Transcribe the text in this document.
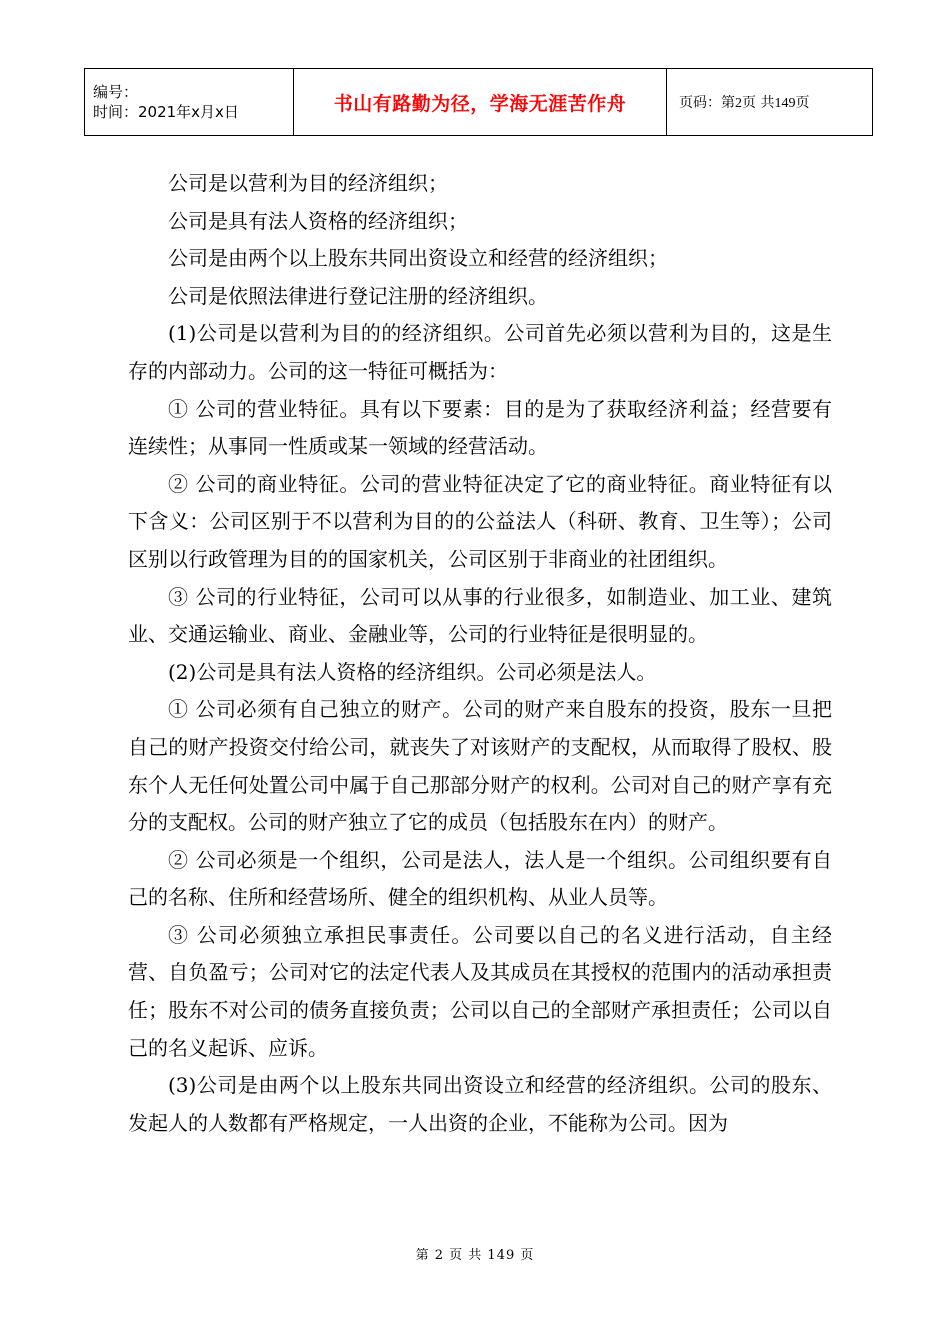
编号：
时间：2021年x月x日	书山有路勤为径，学海无涯苦作舟	页码：第2页 共149页

公司是以营利为目的经济组织；

公司是具有法人资格的经济组织；

公司是由两个以上股东共同出资设立和经营的经济组织；

公司是依照法律进行登记注册的经济组织。

(1)公司是以营利为目的的经济组织。公司首先必须以营利为目的，这是生存的内部动力。公司的这一特征可概括为：

① 公司的营业特征。具有以下要素：目的是为了获取经济利益；经营要有连续性；从事同一性质或某一领域的经营活动。

② 公司的商业特征。公司的营业特征决定了它的商业特征。商业特征有以下含义：公司区别于不以营利为目的的公益法人（科研、教育、卫生等）；公司区别以行政管理为目的的国家机关，公司区别于非商业的社团组织。

③ 公司的行业特征，公司可以从事的行业很多，如制造业、加工业、建筑业、交通运输业、商业、金融业等，公司的行业特征是很明显的。

(2)公司是具有法人资格的经济组织。公司必须是法人。

① 公司必须有自己独立的财产。公司的财产来自股东的投资，股东一旦把自己的财产投资交付给公司，就丧失了对该财产的支配权，从而取得了股权、股东个人无任何处置公司中属于自己那部分财产的权利。公司对自己的财产享有充分的支配权。公司的财产独立了它的成员（包括股东在内）的财产。

② 公司必须是一个组织，公司是法人，法人是一个组织。公司组织要有自己的名称、住所和经营场所、健全的组织机构、从业人员等。

③ 公司必须独立承担民事责任。公司要以自己的名义进行活动，自主经营、自负盈亏；公司对它的法定代表人及其成员在其授权的范围内的活动承担责任；股东不对公司的债务直接负责；公司以自己的全部财产承担责任；公司以自己的名义起诉、应诉。

(3)公司是由两个以上股东共同出资设立和经营的经济组织。公司的股东、发起人的人数都有严格规定，一人出资的企业，不能称为公司。因为

第 2 页 共 149 页
